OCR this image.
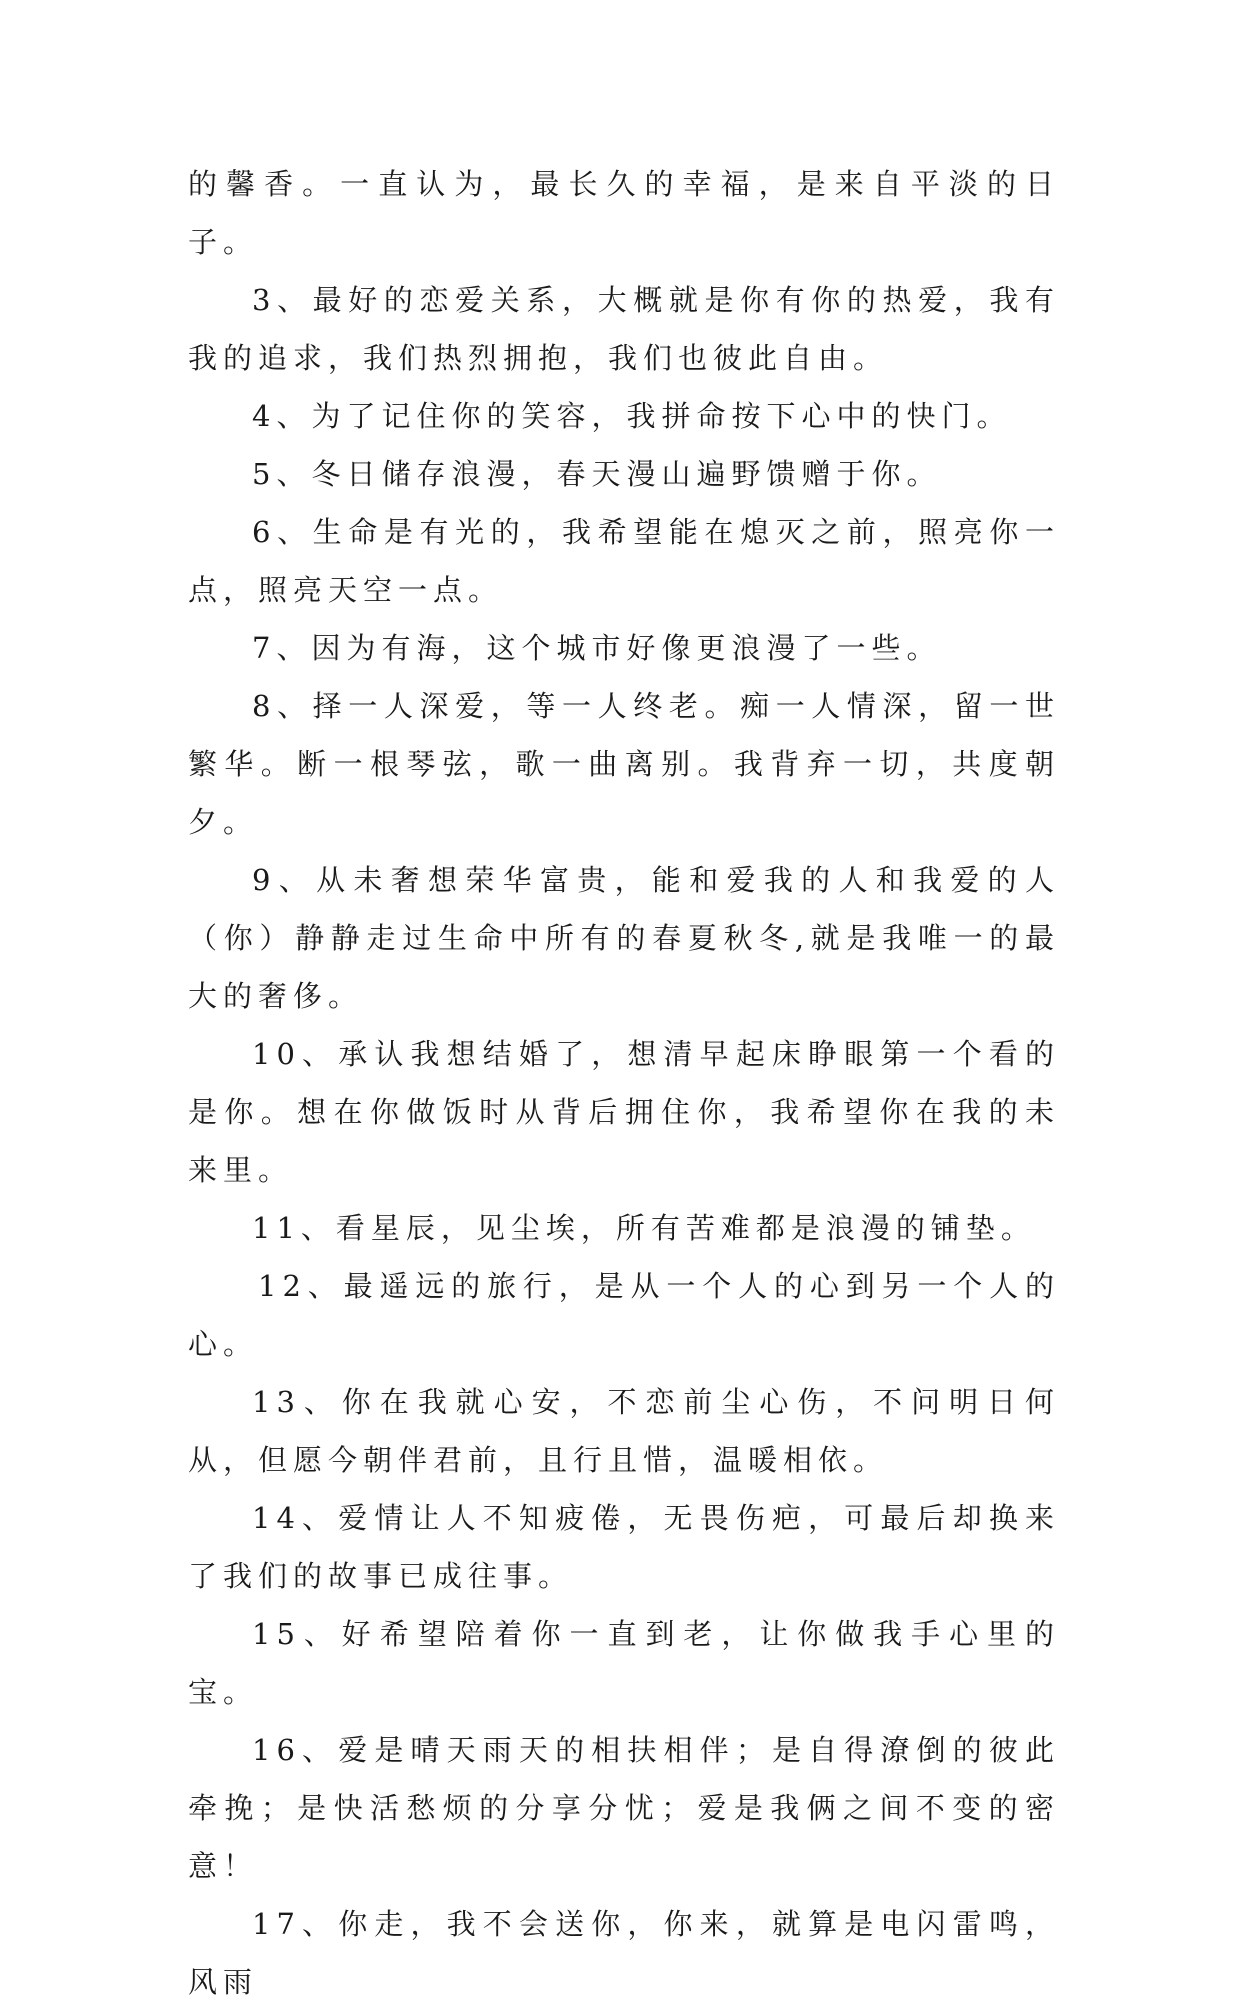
的馨香。一直认为，最长久的幸福，是来自平淡的日子。

3、最好的恋爱关系，大概就是你有你的热爱，我有我的追求，我们热烈拥抱，我们也彼此自由。

4、为了记住你的笑容，我拼命按下心中的快门。

5、冬日储存浪漫，春天漫山遍野馈赠于你。

6、生命是有光的，我希望能在熄灭之前，照亮你一点，照亮天空一点。

7、因为有海，这个城市好像更浪漫了一些。

8、择一人深爱，等一人终老。痴一人情深，留一世繁华。断一根琴弦，歌一曲离别。我背弃一切，共度朝夕。

9、从未奢想荣华富贵，能和爱我的人和我爱的人（你）静静走过生命中所有的春夏秋冬,就是我唯一的最大的奢侈。

10、承认我想结婚了，想清早起床睁眼第一个看的是你。想在你做饭时从背后拥住你，我希望你在我的未来里。

11、看星辰，见尘埃，所有苦难都是浪漫的铺垫。

12、最遥远的旅行，是从一个人的心到另一个人的心。

13、你在我就心安，不恋前尘心伤，不问明日何从，但愿今朝伴君前，且行且惜，温暖相依。

14、爱情让人不知疲倦，无畏伤疤，可最后却换来了我们的故事已成往事。

15、好希望陪着你一直到老，让你做我手心里的宝。

16、爱是晴天雨天的相扶相伴；是自得潦倒的彼此牵挽；是快活愁烦的分享分忧；爱是我俩之间不变的密意！

17、你走，我不会送你，你来，就算是电闪雷鸣，风雨
